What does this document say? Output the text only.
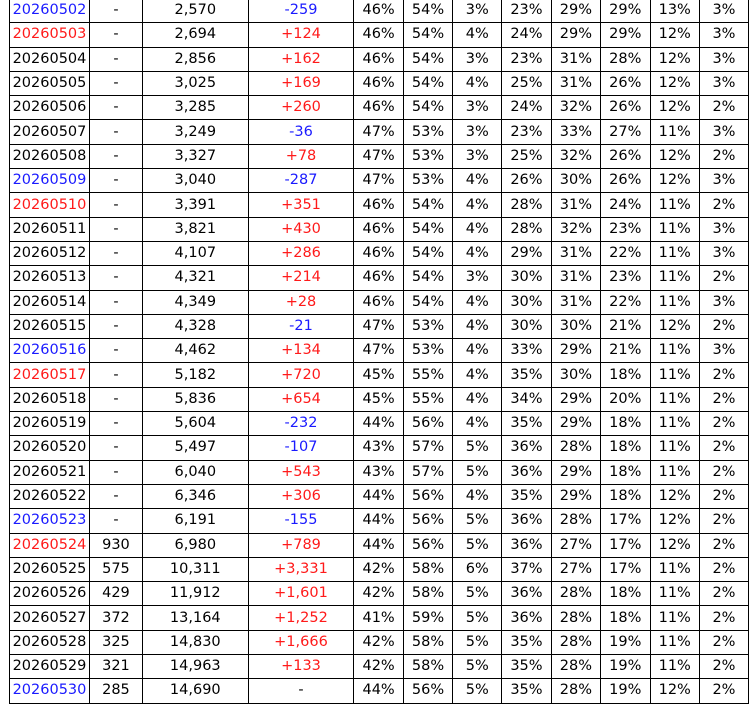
20260502	-	2,570	-259	46%	54%	3%	23%	29%	29%	13%	3%
20260503	-	2,694	+124	46%	54%	4%	24%	29%	29%	12%	3%
20260504	-	2,856	+162	46%	54%	3%	23%	31%	28%	12%	3%
20260505	-	3,025	+169	46%	54%	4%	25%	31%	26%	12%	3%
20260506	-	3,285	+260	46%	54%	3%	24%	32%	26%	12%	2%
20260507	-	3,249	-36	47%	53%	3%	23%	33%	27%	11%	3%
20260508	-	3,327	+78	47%	53%	3%	25%	32%	26%	12%	2%
20260509	-	3,040	-287	47%	53%	4%	26%	30%	26%	12%	3%
20260510	-	3,391	+351	46%	54%	4%	28%	31%	24%	11%	2%
20260511	-	3,821	+430	46%	54%	4%	28%	32%	23%	11%	3%
20260512	-	4,107	+286	46%	54%	4%	29%	31%	22%	11%	3%
20260513	-	4,321	+214	46%	54%	3%	30%	31%	23%	11%	2%
20260514	-	4,349	+28	46%	54%	4%	30%	31%	22%	11%	3%
20260515	-	4,328	-21	47%	53%	4%	30%	30%	21%	12%	2%
20260516	-	4,462	+134	47%	53%	4%	33%	29%	21%	11%	3%
20260517	-	5,182	+720	45%	55%	4%	35%	30%	18%	11%	2%
20260518	-	5,836	+654	45%	55%	4%	34%	29%	20%	11%	2%
20260519	-	5,604	-232	44%	56%	4%	35%	29%	18%	11%	2%
20260520	-	5,497	-107	43%	57%	5%	36%	28%	18%	11%	2%
20260521	-	6,040	+543	43%	57%	5%	36%	29%	18%	11%	2%
20260522	-	6,346	+306	44%	56%	4%	35%	29%	18%	12%	2%
20260523	-	6,191	-155	44%	56%	5%	36%	28%	17%	12%	2%
20260524	930	6,980	+789	44%	56%	5%	36%	27%	17%	12%	2%
20260525	575	10,311	+3,331	42%	58%	6%	37%	27%	17%	11%	2%
20260526	429	11,912	+1,601	42%	58%	5%	36%	28%	18%	11%	2%
20260527	372	13,164	+1,252	41%	59%	5%	36%	28%	18%	11%	2%
20260528	325	14,830	+1,666	42%	58%	5%	35%	28%	19%	11%	2%
20260529	321	14,963	+133	42%	58%	5%	35%	28%	19%	11%	2%
20260530	285	14,690	-	44%	56%	5%	35%	28%	19%	12%	2%
